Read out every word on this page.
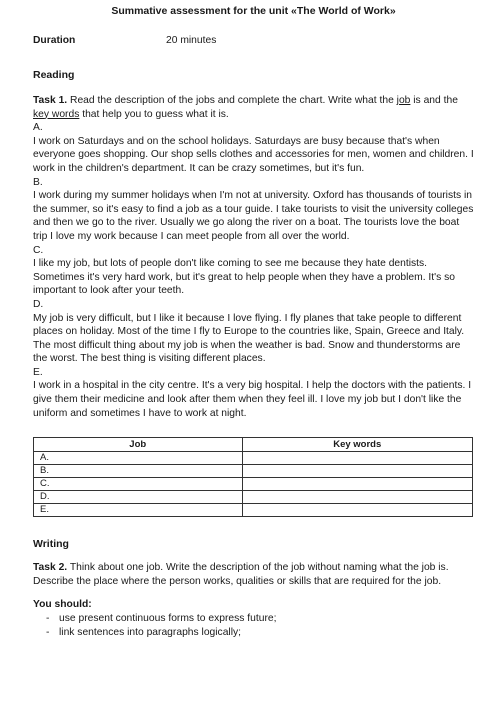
Summative assessment for the unit «The World of Work»

Duration	20 minutes
Reading
Task 1. Read the description of the jobs and complete the chart. Write what the job is and the key words that help you to guess what it is.
A.
I work on Saturdays and on the school holidays. Saturdays are busy because that's when everyone goes shopping. Our shop sells clothes and accessories for men, women and children. I work in the children's department. It can be crazy sometimes, but it's fun.
B.
I work during my summer holidays when I'm not at university. Oxford has thousands of tourists in the summer, so it's easy to find a job as a tour guide. I take tourists to visit the university colleges and then we go to the river. Usually we go along the river on a boat. The tourists love the boat trip I love my work because I can meet people from all over the world.
C.
I like my job, but lots of people don't like coming to see me because they hate dentists. Sometimes it's very hard work, but it's great to help people when they have a problem. It's so important to look after your teeth.
D.
My job is very difficult, but I like it because I love flying. I fly planes that take people to different places on holiday. Most of the time I fly to Europe to the countries like, Spain, Greece and Italy. The most difficult thing about my job is when the weather is bad. Snow and thunderstorms are the worst. The best thing is visiting different places.
E.
I work in a hospital in the city centre. It's a very big hospital. I help the doctors with the patients. I give them their medicine and look after them when they feel ill. I love my job but I don't like the uniform and sometimes I have to work at night.
Job	Key words
A.	
B.	
C.	
D.	
E.	
Writing
Task 2. Think about one job. Write the description of the job without naming what the job is. Describe the place where the person works, qualities or skills that are required for the job.
You should:
- use present continuous forms to express future;
- link sentences into paragraphs logically;
